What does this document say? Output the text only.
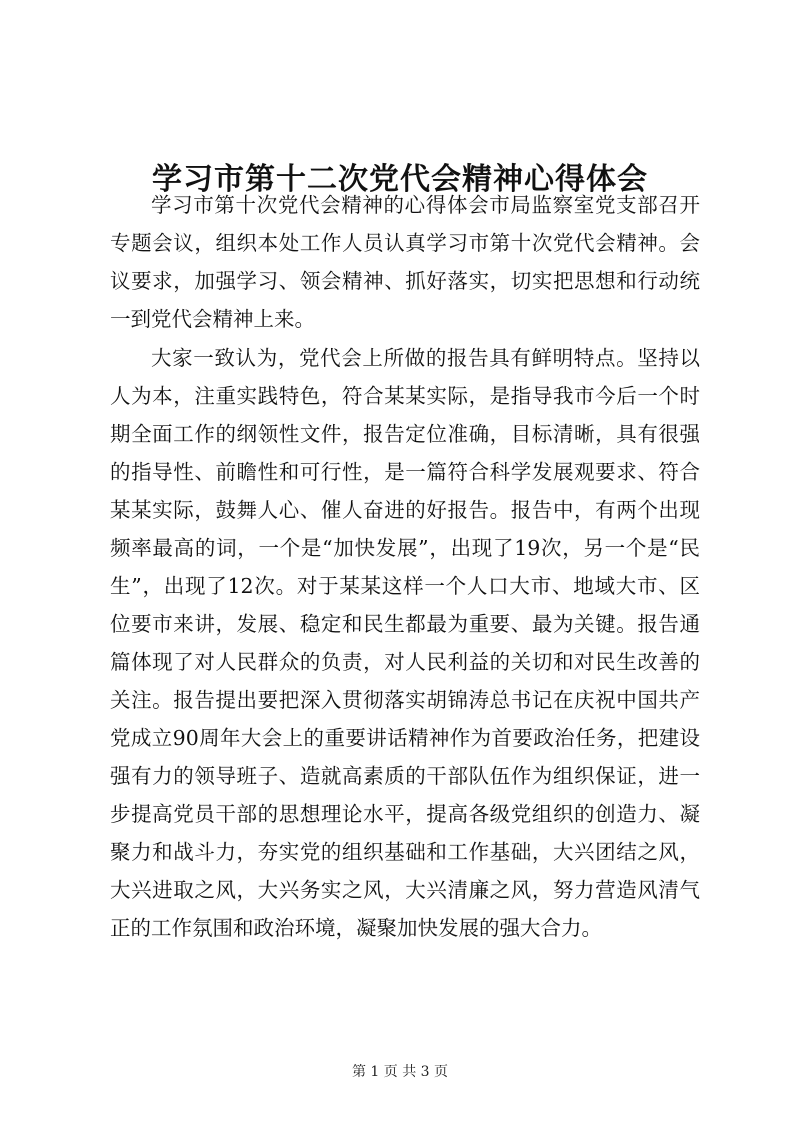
学习市第十二次党代会精神心得体会

学习市第十次党代会精神的心得体会市局监察室党支部召开专题会议，组织本处工作人员认真学习市第十次党代会精神。会议要求，加强学习、领会精神、抓好落实，切实把思想和行动统一到党代会精神上来。

大家一致认为，党代会上所做的报告具有鲜明特点。坚持以人为本，注重实践特色，符合某某实际，是指导我市今后一个时期全面工作的纲领性文件，报告定位准确，目标清晰，具有很强的指导性、前瞻性和可行性，是一篇符合科学发展观要求、符合某某实际，鼓舞人心、催人奋进的好报告。报告中，有两个出现频率最高的词，一个是“加快发展”，出现了19次，另一个是“民生”，出现了12次。对于某某这样一个人口大市、地域大市、区位要市来讲，发展、稳定和民生都最为重要、最为关键。报告通篇体现了对人民群众的负责，对人民利益的关切和对民生改善的关注。报告提出要把深入贯彻落实胡锦涛总书记在庆祝中国共产党成立90周年大会上的重要讲话精神作为首要政治任务，把建设强有力的领导班子、造就高素质的干部队伍作为组织保证，进一步提高党员干部的思想理论水平，提高各级党组织的创造力、凝聚力和战斗力，夯实党的组织基础和工作基础，大兴团结之风，大兴进取之风，大兴务实之风，大兴清廉之风，努力营造风清气正的工作氛围和政治环境，凝聚加快发展的强大合力。

第 1 页 共 3 页
